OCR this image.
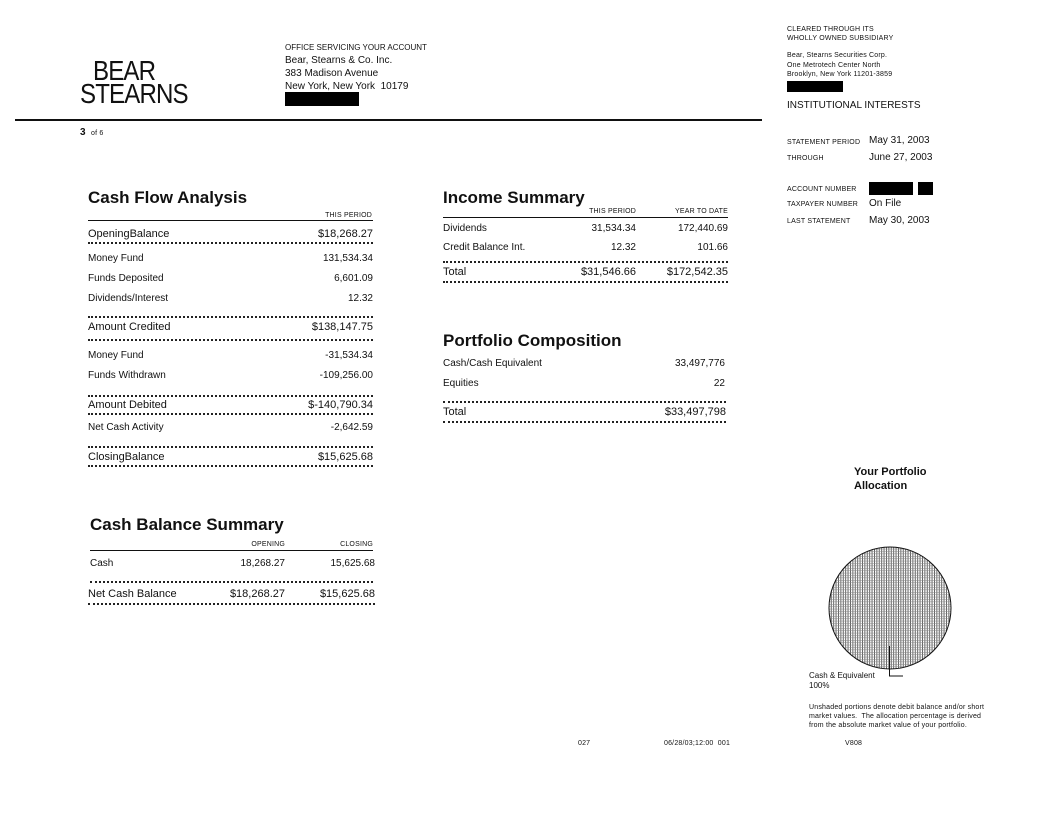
BEAR
STEARNS
OFFICE SERVICING YOUR ACCOUNT
Bear, Stearns & Co. Inc.
383 Madison Avenue
New York, New York  10179
CLEARED THROUGH ITS
WHOLLY OWNED SUBSIDIARY
Bear, Stearns Securities Corp.
One Metrotech Center North
Brooklyn, New York 11201-3859
INSTITUTIONAL INTERESTS
3 of 6
STATEMENT PERIOD May 31, 2003
THROUGH	June 27, 2003
ACCOUNT NUMBER
TAXPAYER NUMBER On File
LAST STATEMENT May 30, 2003
Cash Flow Analysis
THIS PERIOD
OpeningBalance	$18,268.27
Money Fund	131,534.34
Funds Deposited	6,601.09
Dividends/Interest	12.32
Amount Credited	$138,147.75
Money Fund	-31,534.34
Funds Withdrawn	-109,256.00
Amount Debited	$-140,790.34
Net Cash Activity	-2,642.59
ClosingBalance	$15,625.68
Cash Balance Summary
OPENING	CLOSING
Cash	18,268.27	15,625.68
Net Cash Balance	$18,268.27	$15,625.68
Income Summary
THIS PERIOD	YEAR TO DATE
Dividends	31,534.34	172,440.69
Credit Balance Int.	12.32	101.66
Total	$31,546.66	$172,542.35
Portfolio Composition
Cash/Cash Equivalent	33,497,776
Equities	22
Total	$33,497,798
Your Portfolio
Allocation
Cash & Equivalent
100%
Unshaded portions denote debit balance and/or short
market values.  The allocation percentage is derived
from the absolute market value of your portfolio.
027	06/28/03;12:00  001	V808
